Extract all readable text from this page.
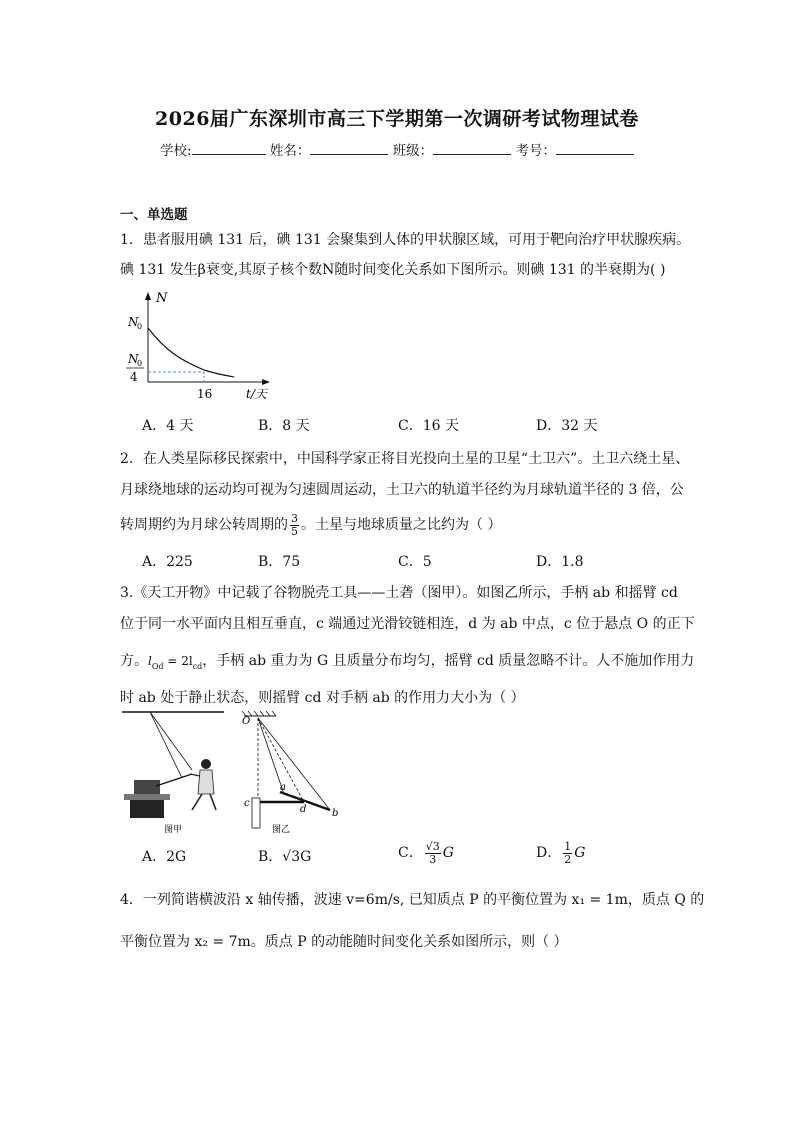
2026届广东深圳市高三下学期第一次调研考试物理试卷
学校:	姓名：	班级：	考号：
一、单选题
1．患者服用碘 131 后，碘 131 会聚集到人体的甲状腺区域，可用于靶向治疗甲状腺疾病。
碘 131 发生β衰变,其原子核个数N随时间变化关系如下图所示。则碘 131 的半衰期为( )
N
N
0
N
0
4
16	t/天
A．4 天	B．8 天	C．16 天	D．32 天
2．在人类星际移民探索中，中国科学家正将目光投向土星的卫星“土卫六”。土卫六绕土星、
月球绕地球的运动均可视为匀速圆周运动，土卫六的轨道半径约为月球轨道半径的 3 倍，公
转周期约为月球公转周期的 $\frac{3}{5}$ 。土星与地球质量之比约为（ ）
A．225	B．75	C．5	D．1.8
3.《天工开物》中记载了谷物脱壳工具——土砻（图甲）。如图乙所示，手柄 ab 和摇臂 cd
位于同一水平面内且相互垂直，c 端通过光滑铰链相连，d 为 ab 中点，c 位于悬点 O 的正下
方。$l_{Od} = 2l_{cd}$，手柄 ab 重力为 G 且质量分布均匀，摇臂 cd 质量忽略不计。人不施加作用力
时 ab 处于静止状态，则摇臂 cd 对手柄 ab 的作用力大小为（ ）
图甲
O
a
b
c
d
图乙
A．2G	B．√3G	C． $\frac{√3}{3}$ G	D． $\frac{1}{2}$ G
4．一列简谐横波沿 x 轴传播，波速 v=6m/s, 已知质点 P 的平衡位置为 x₁ = 1m，质点 Q 的
平衡位置为 x₂ = 7m。质点 P 的动能随时间变化关系如图所示，则（ ）
